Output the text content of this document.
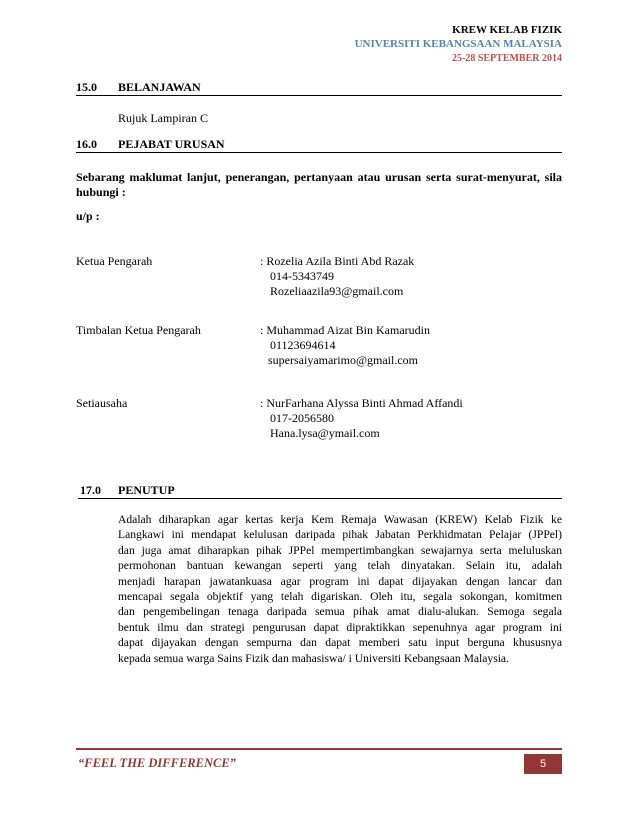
KREW KELAB FIZIK
UNIVERSITI KEBANGSAAN MALAYSIA
25-28 SEPTEMBER 2014
15.0 BELANJAWAN
Rujuk Lampiran C
16.0 PEJABAT URUSAN
Sebarang maklumat lanjut, penerangan, pertanyaan atau urusan serta surat-menyurat, sila hubungi :
u/p :
Ketua Pengarah	: Rozelia Azila Binti Abd Razak
014-5343749
Rozeliaazila93@gmail.com
Timbalan Ketua Pengarah	: Muhammad Aizat Bin Kamarudin
01123694614
supersaiyamarimo@gmail.com
Setiausaha	: NurFarhana Alyssa Binti Ahmad Affandi
017-2056580
Hana.lysa@ymail.com
17.0 PENUTUP
Adalah diharapkan agar kertas kerja Kem Remaja Wawasan (KREW) Kelab Fizik ke
Langkawi ini mendapat kelulusan daripada pihak Jabatan Perkhidmatan Pelajar (JPPel)
dan juga amat diharapkan pihak JPPel mempertimbangkan sewajarnya serta meluluskan
permohonan bantuan kewangan seperti yang telah dinyatakan. Selain itu, adalah
menjadi harapan jawatankuasa agar program ini dapat dijayakan dengan lancar dan
mencapai segala objektif yang telah digariskan. Oleh itu, segala sokongan, komitmen
dan pengembelingan tenaga daripada semua pihak amat dialu-alukan. Semoga segala
bentuk ilmu dan strategi pengurusan dapat dipraktikkan sepenuhnya agar program ini
dapat dijayakan dengan sempurna dan dapat memberi satu input berguna khususnya
kepada semua warga Sains Fizik dan mahasiswa/ i Universiti Kebangsaan Malaysia.
“FEEL THE DIFFERENCE”	5
